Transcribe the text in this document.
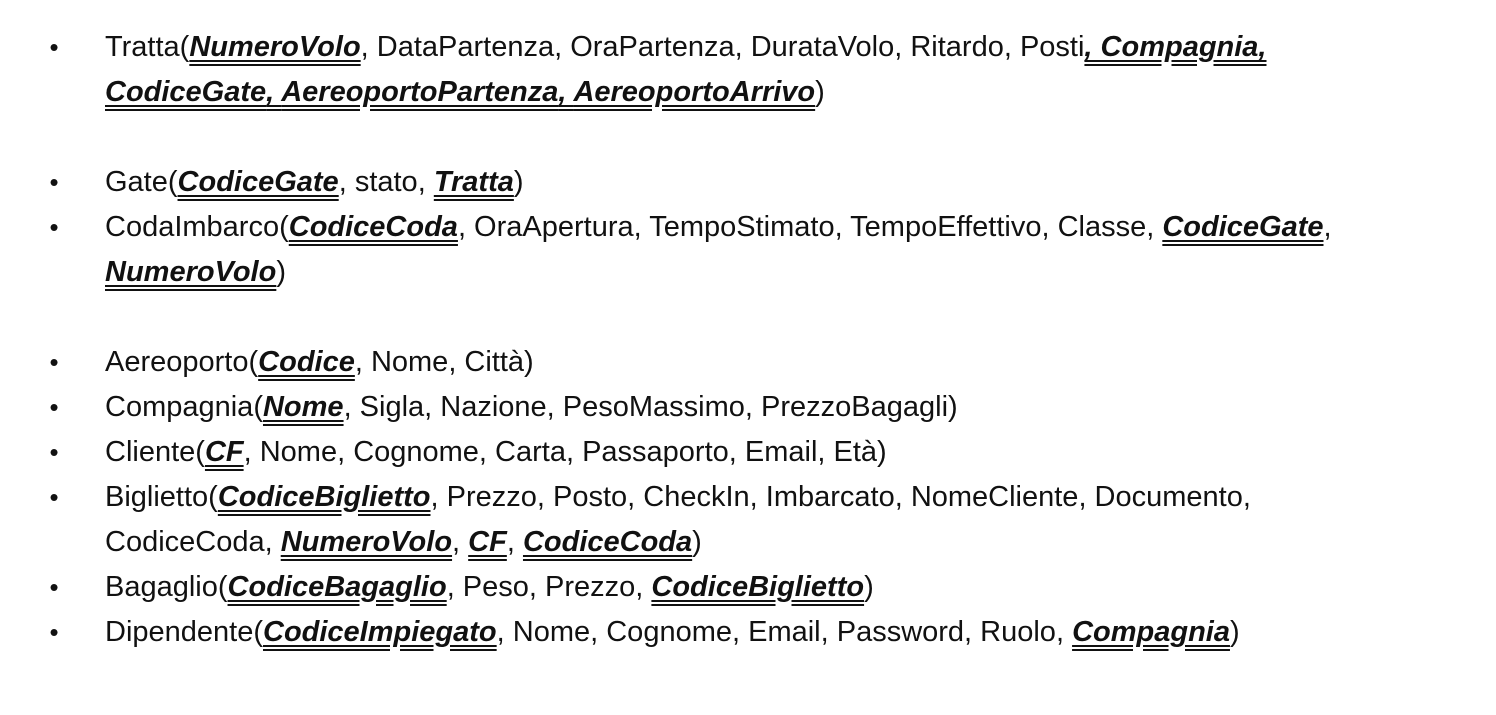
• Tratta(NumeroVolo, DataPartenza, OraPartenza, DurataVolo, Ritardo, Posti, Compagnia,
CodiceGate, AereoportoPartenza, AereoportoArrivo)
• Gate(CodiceGate, stato, Tratta)
• CodaImbarco(CodiceCoda, OraApertura, TempoStimato, TempoEffettivo, Classe, CodiceGate,
NumeroVolo)
• Aereoporto(Codice, Nome, Città)
• Compagnia(Nome, Sigla, Nazione, PesoMassimo, PrezzoBagagli)
• Cliente(CF, Nome, Cognome, Carta, Passaporto, Email, Età)
• Biglietto(CodiceBiglietto, Prezzo, Posto, CheckIn, Imbarcato, NomeCliente, Documento,
CodiceCoda, NumeroVolo, CF, CodiceCoda)
• Bagaglio(CodiceBagaglio, Peso, Prezzo, CodiceBiglietto)
• Dipendente(CodiceImpiegato, Nome, Cognome, Email, Password, Ruolo, Compagnia)
